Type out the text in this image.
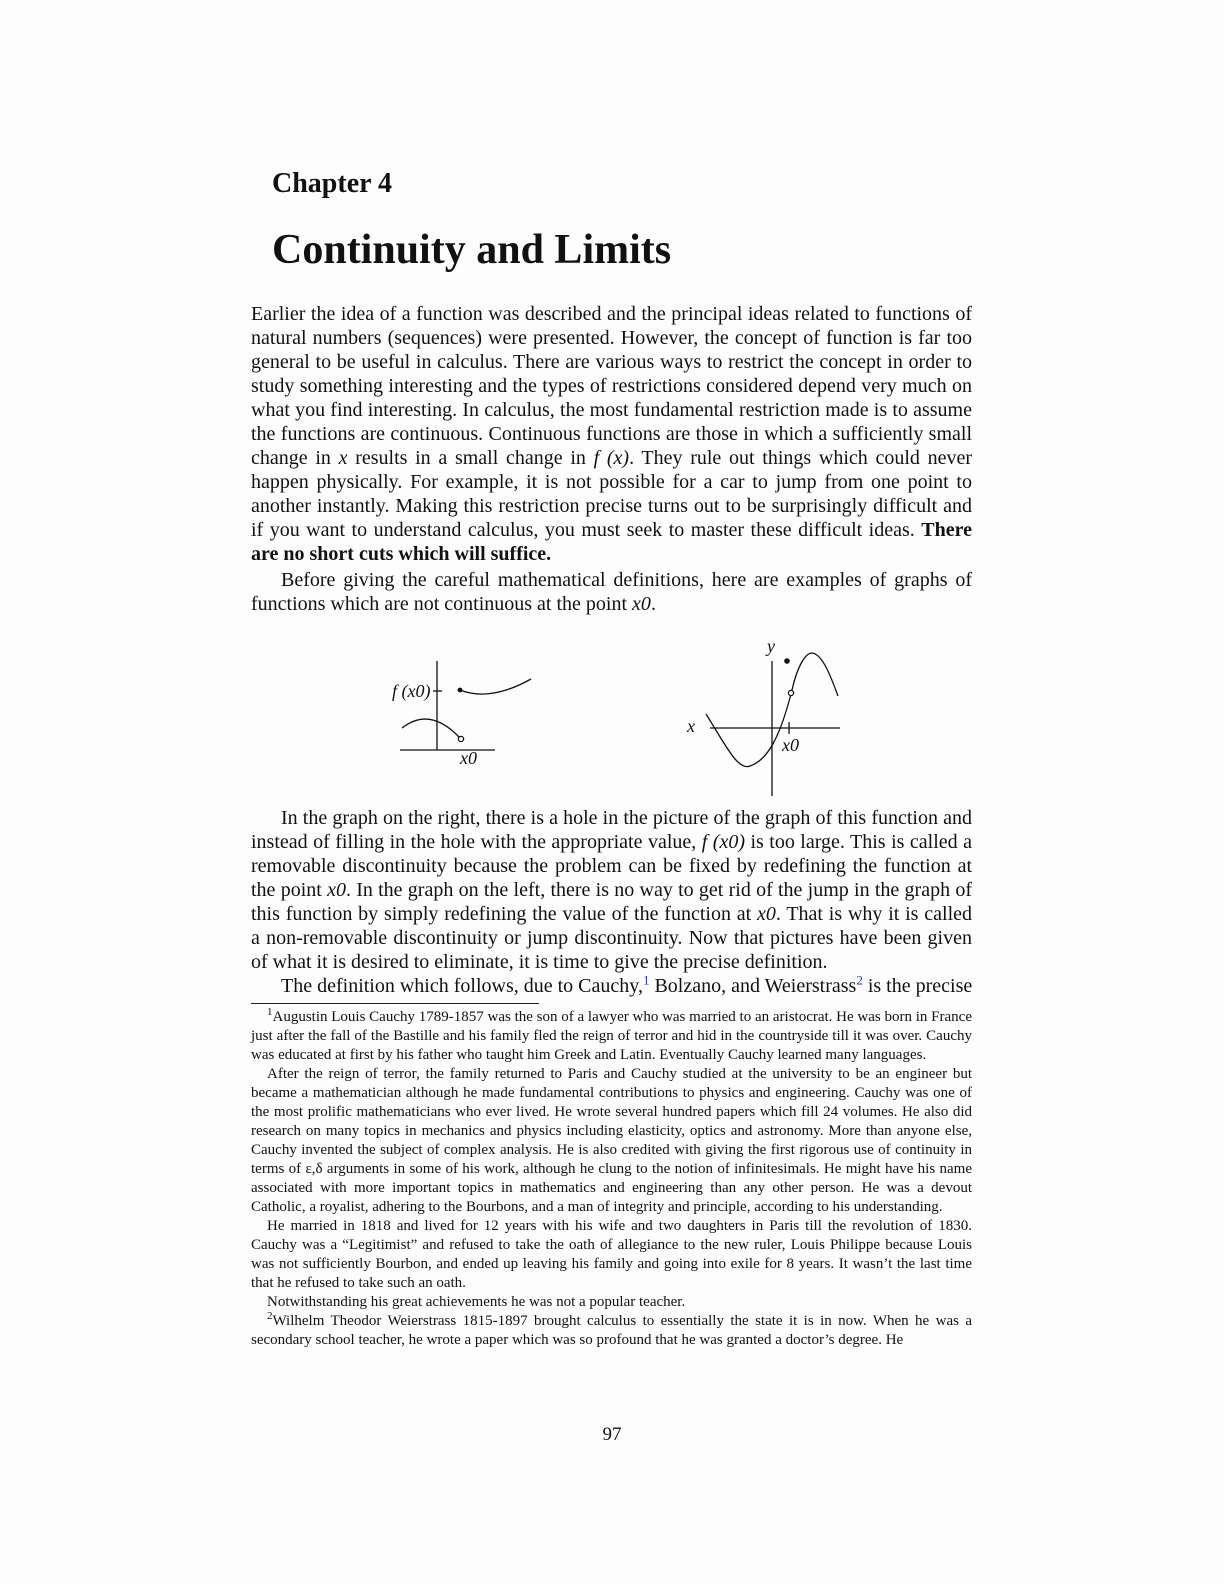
Chapter 4
Continuity and Limits

Earlier the idea of a function was described and the principal ideas related to functions of natural numbers (sequences) were presented. However, the concept of function is far too general to be useful in calculus. There are various ways to restrict the concept in order to study something interesting and the types of restrictions considered depend very much on what you find interesting. In calculus, the most fundamental restriction made is to assume the functions are continuous. Continuous functions are those in which a sufficiently small change in x results in a small change in f (x). They rule out things which could never happen physically. For example, it is not possible for a car to jump from one point to another instantly. Making this restriction precise turns out to be surprisingly difficult and if you want to understand calculus, you must seek to master these difficult ideas. There are no short cuts which will suffice.

Before giving the careful mathematical definitions, here are examples of graphs of functions which are not continuous at the point x0.

f (x0)
x0
y
x
x0

In the graph on the right, there is a hole in the picture of the graph of this function and instead of filling in the hole with the appropriate value, f (x0) is too large. This is called a removable discontinuity because the problem can be fixed by redefining the function at the point x0. In the graph on the left, there is no way to get rid of the jump in the graph of this function by simply redefining the value of the function at x0. That is why it is called a non-removable discontinuity or jump discontinuity. Now that pictures have been given of what it is desired to eliminate, it is time to give the precise definition.

The definition which follows, due to Cauchy,$^1$ Bolzano, and Weierstrass$^2$ is the precise

$^1$Augustin Louis Cauchy 1789-1857 was the son of a lawyer who was married to an aristocrat. He was born in France just after the fall of the Bastille and his family fled the reign of terror and hid in the countryside till it was over. Cauchy was educated at first by his father who taught him Greek and Latin. Eventually Cauchy learned many languages.

After the reign of terror, the family returned to Paris and Cauchy studied at the university to be an engineer but became a mathematician although he made fundamental contributions to physics and engineering. Cauchy was one of the most prolific mathematicians who ever lived. He wrote several hundred papers which fill 24 volumes. He also did research on many topics in mechanics and physics including elasticity, optics and astronomy. More than anyone else, Cauchy invented the subject of complex analysis. He is also credited with giving the first rigorous use of continuity in terms of ε,δ arguments in some of his work, although he clung to the notion of infinitesimals. He might have his name associated with more important topics in mathematics and engineering than any other person. He was a devout Catholic, a royalist, adhering to the Bourbons, and a man of integrity and principle, according to his understanding.

He married in 1818 and lived for 12 years with his wife and two daughters in Paris till the revolution of 1830. Cauchy was a “Legitimist” and refused to take the oath of allegiance to the new ruler, Louis Philippe because Louis was not sufficiently Bourbon, and ended up leaving his family and going into exile for 8 years. It wasn’t the last time that he refused to take such an oath.

Notwithstanding his great achievements he was not a popular teacher.

$^2$Wilhelm Theodor Weierstrass 1815-1897 brought calculus to essentially the state it is in now. When he was a secondary school teacher, he wrote a paper which was so profound that he was granted a doctor’s degree. He

97
